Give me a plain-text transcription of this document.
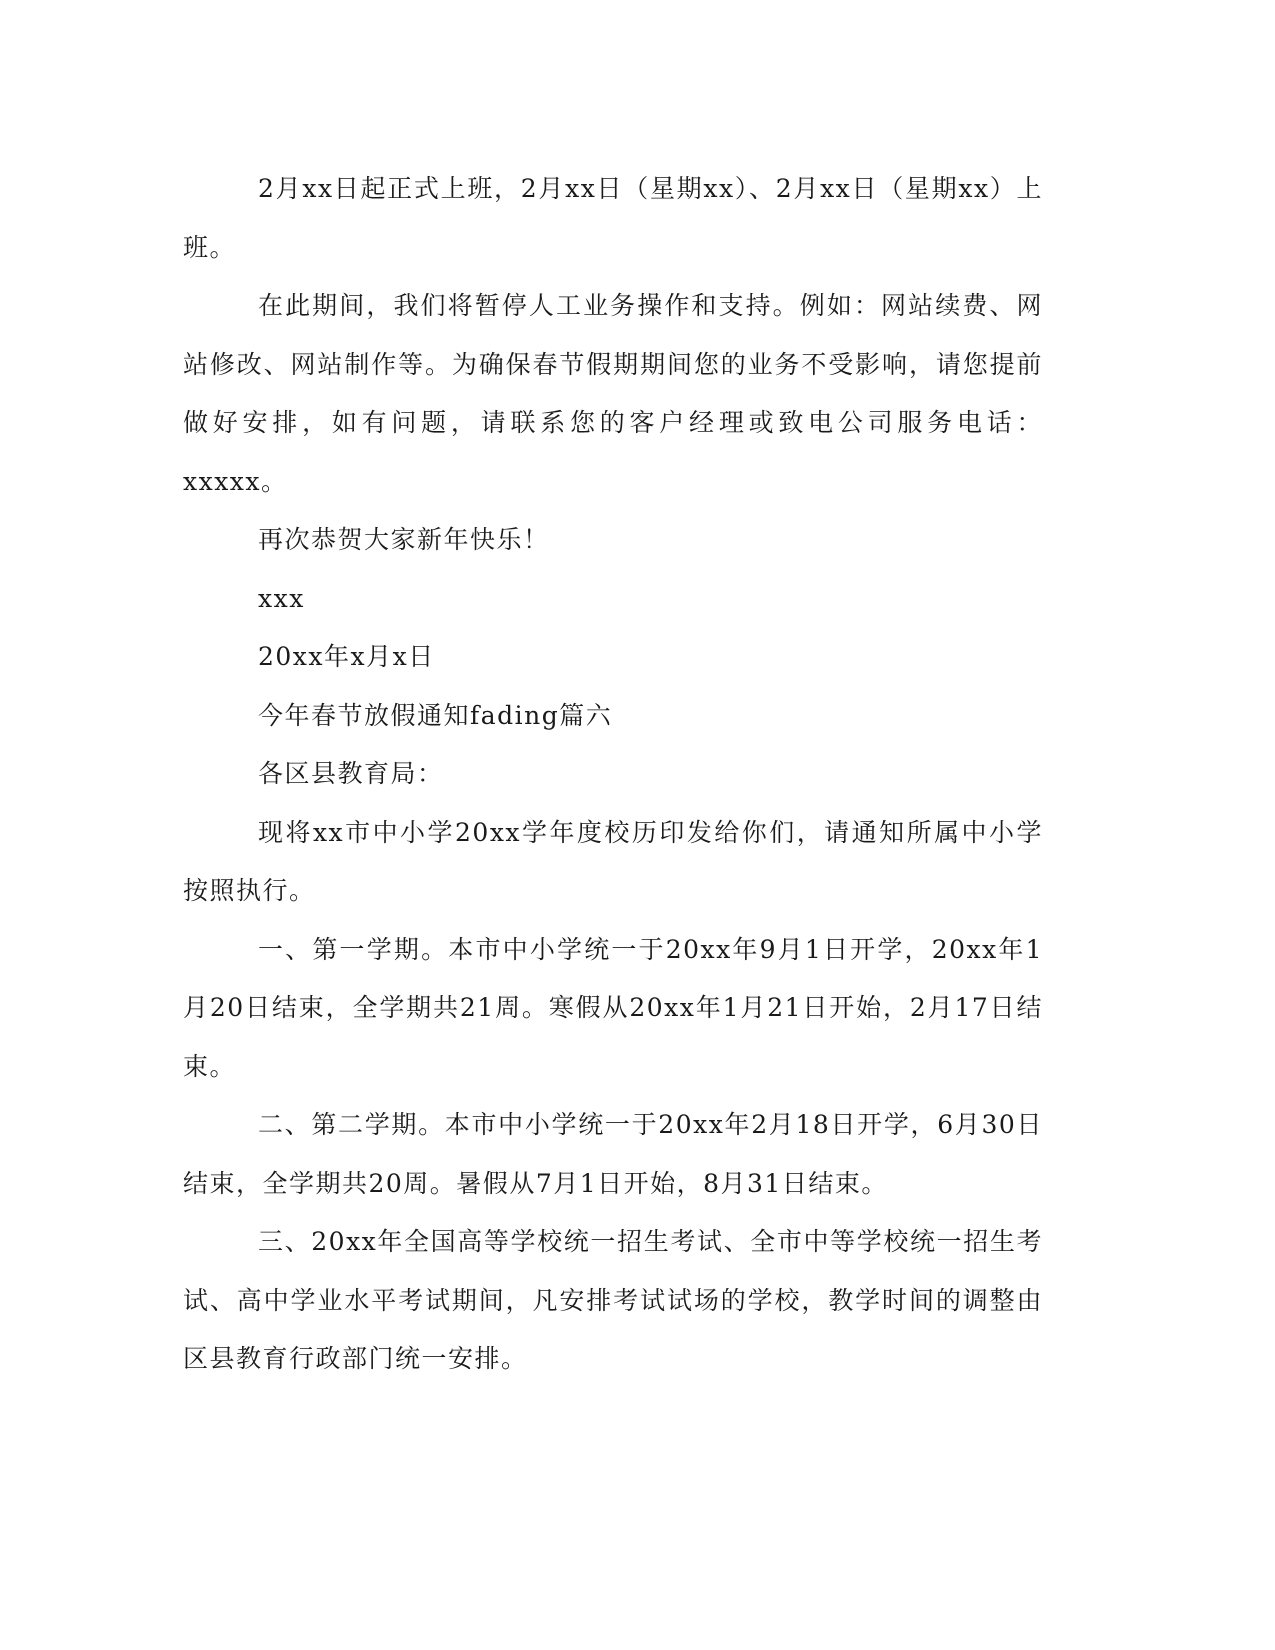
2月xx日起正式上班，2月xx日（星期xx）、2月xx日（星期xx）上班。

在此期间，我们将暂停人工业务操作和支持。例如：网站续费、网站修改、网站制作等。为确保春节假期期间您的业务不受影响，请您提前做好安排，如有问题，请联系您的客户经理或致电公司服务电话：xxxxx。

再次恭贺大家新年快乐！

xxx

20xx年x月x日

今年春节放假通知fading篇六

各区县教育局：

现将xx市中小学20xx学年度校历印发给你们，请通知所属中小学按照执行。

一、第一学期。本市中小学统一于20xx年9月1日开学，20xx年1月20日结束，全学期共21周。寒假从20xx年1月21日开始，2月17日结束。

二、第二学期。本市中小学统一于20xx年2月18日开学，6月30日结束，全学期共20周。暑假从7月1日开始，8月31日结束。

三、20xx年全国高等学校统一招生考试、全市中等学校统一招生考试、高中学业水平考试期间，凡安排考试试场的学校，教学时间的调整由区县教育行政部门统一安排。
